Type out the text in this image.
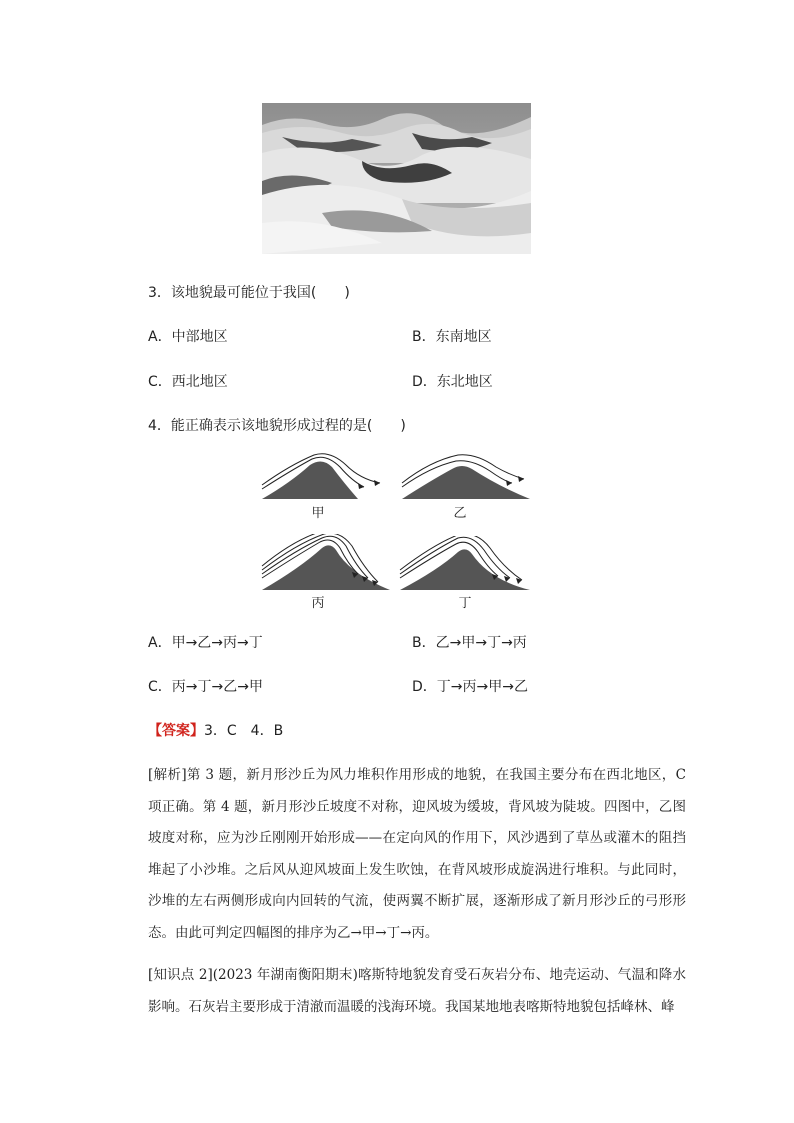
3．该地貌最可能位于我国(　　)
A．中部地区	B．东南地区
C．西北地区	D．东北地区
4．能正确表示该地貌形成过程的是(　　)
甲	乙
丙	丁
A．甲→乙→丙→丁	B．乙→甲→丁→丙
C．丙→丁→乙→甲	D．丁→丙→甲→乙
【答案】3．C　4．B
[解析]第 3 题，新月形沙丘为风力堆积作用形成的地貌，在我国主要分布在西北地区，C 项正确。第 4 题，新月形沙丘坡度不对称，迎风坡为缓坡，背风坡为陡坡。四图中，乙图坡度对称，应为沙丘刚刚开始形成——在定向风的作用下，风沙遇到了草丛或灌木的阻挡堆起了小沙堆。之后风从迎风坡面上发生吹蚀，在背风坡形成旋涡进行堆积。与此同时，沙堆的左右两侧形成向内回转的气流，使两翼不断扩展，逐渐形成了新月形沙丘的弓形形态。由此可判定四幅图的排序为乙→甲→丁→丙。
[知识点 2](2023 年湖南衡阳期末)喀斯特地貌发育受石灰岩分布、地壳运动、气温和降水影响。石灰岩主要形成于清澈而温暖的浅海环境。我国某地地表喀斯特地貌包括峰林、峰
